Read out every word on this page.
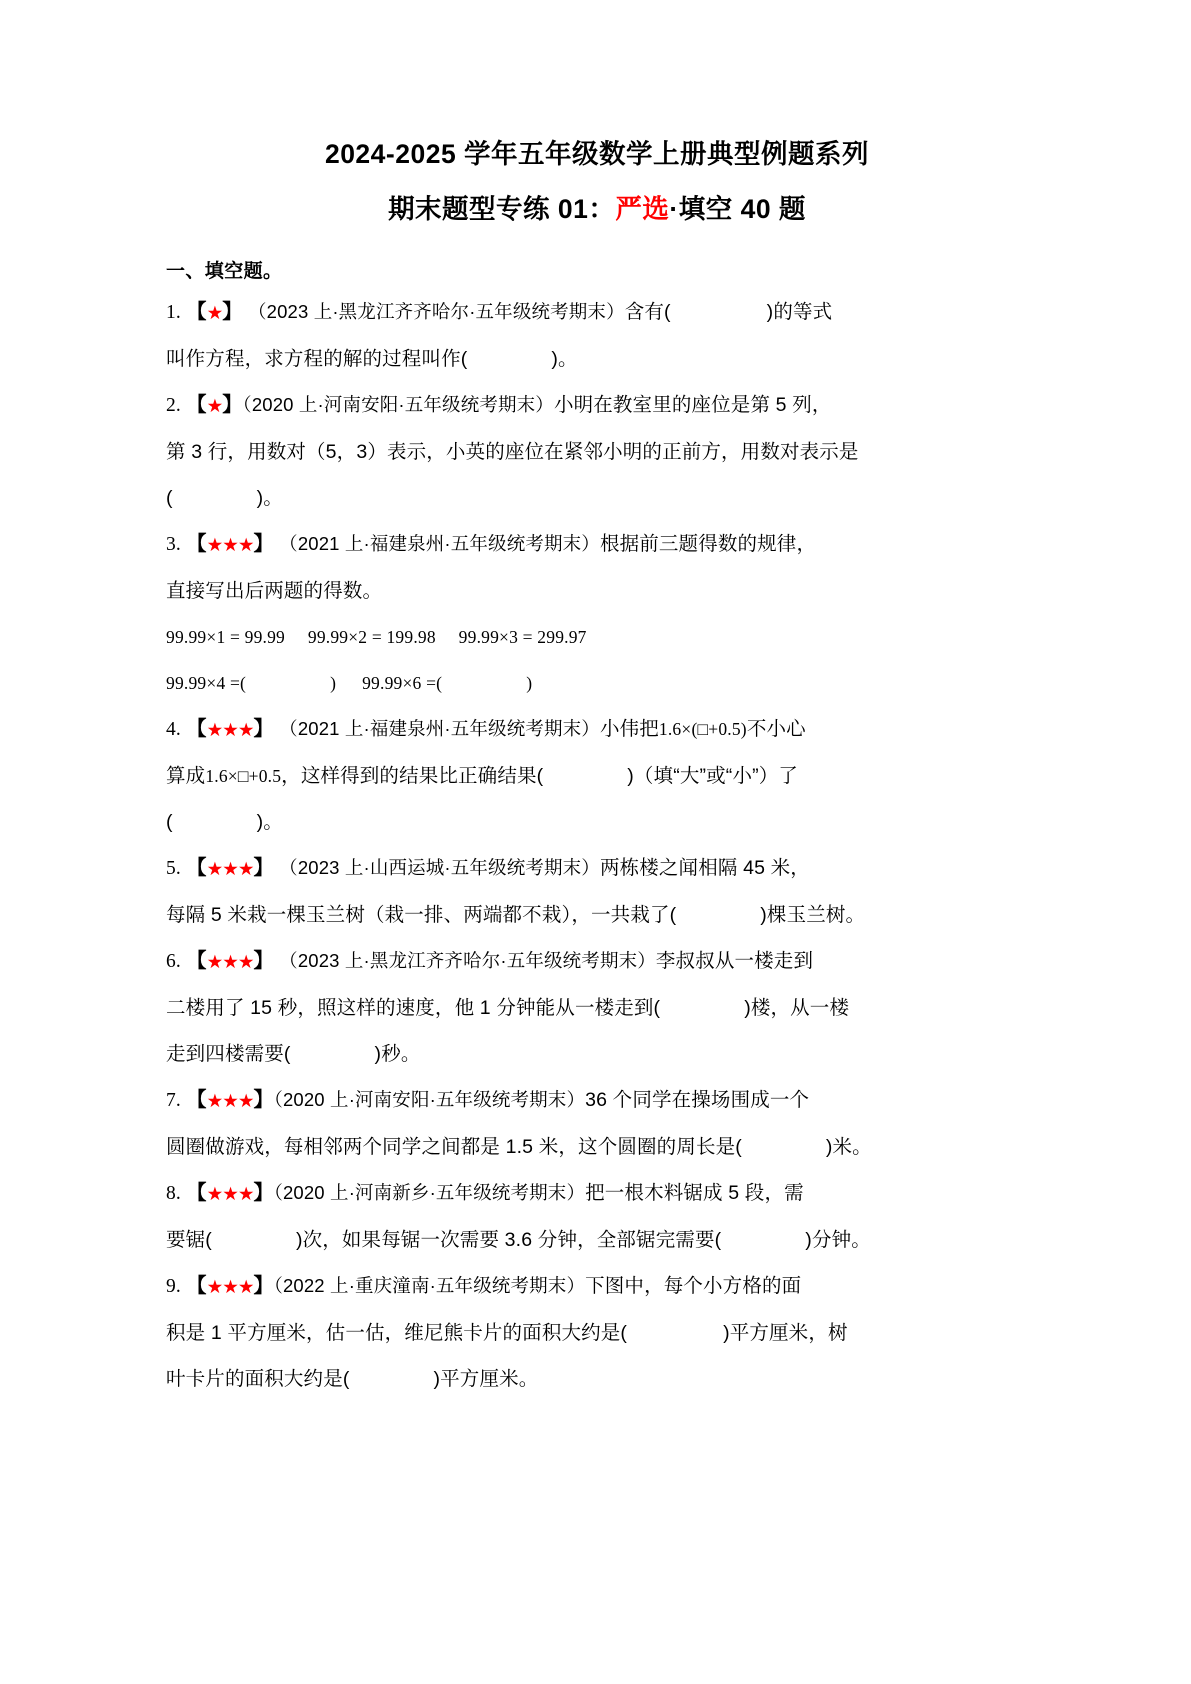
2024-2025 学年五年级数学上册典型例题系列
期末题型专练 01：严选·填空 40 题
一、填空题。
1. 【★】 （2023 上·黑龙江齐齐哈尔·五年级统考期末）含有(	)的等式
叫作方程，求方程的解的过程叫作(	)。
2. 【★】（2020 上·河南安阳·五年级统考期末）小明在教室里的座位是第 5 列，
第 3 行，用数对（5，3）表示，小英的座位在紧邻小明的正前方，用数对表示是
(	)。
3. 【★★★】 （2021 上·福建泉州·五年级统考期末）根据前三题得数的规律，
直接写出后两题的得数。
99.99×1 = 99.99     99.99×2 = 199.98     99.99×3 = 299.97
99.99×4 =(	) 99.99×6 =(	)
4. 【★★★】 （2021 上·福建泉州·五年级统考期末）小伟把1.6×(□+0.5)不小心
算成1.6×□+0.5，这样得到的结果比正确结果(	)（填“大”或“小”）了
(	)。
5. 【★★★】 （2023 上·山西运城·五年级统考期末）两栋楼之闻相隔 45 米，
每隔 5 米栽一棵玉兰树（栽一排、两端都不栽），一共栽了(	)棵玉兰树。
6. 【★★★】 （2023 上·黑龙江齐齐哈尔·五年级统考期末）李叔叔从一楼走到
二楼用了 15 秒，照这样的速度，他 1 分钟能从一楼走到(	)楼，从一楼
走到四楼需要(	)秒。
7. 【★★★】（2020 上·河南安阳·五年级统考期末）36 个同学在操场围成一个
圆圈做游戏，每相邻两个同学之间都是 1.5 米，这个圆圈的周长是(	)米。
8. 【★★★】（2020 上·河南新乡·五年级统考期末）把一根木料锯成 5 段，需
要锯(	)次，如果每锯一次需要 3.6 分钟，全部锯完需要(	)分钟。
9. 【★★★】（2022 上·重庆潼南·五年级统考期末）下图中，每个小方格的面
积是 1 平方厘米，估一估，维尼熊卡片的面积大约是(	)平方厘米，树
叶卡片的面积大约是(	)平方厘米。
